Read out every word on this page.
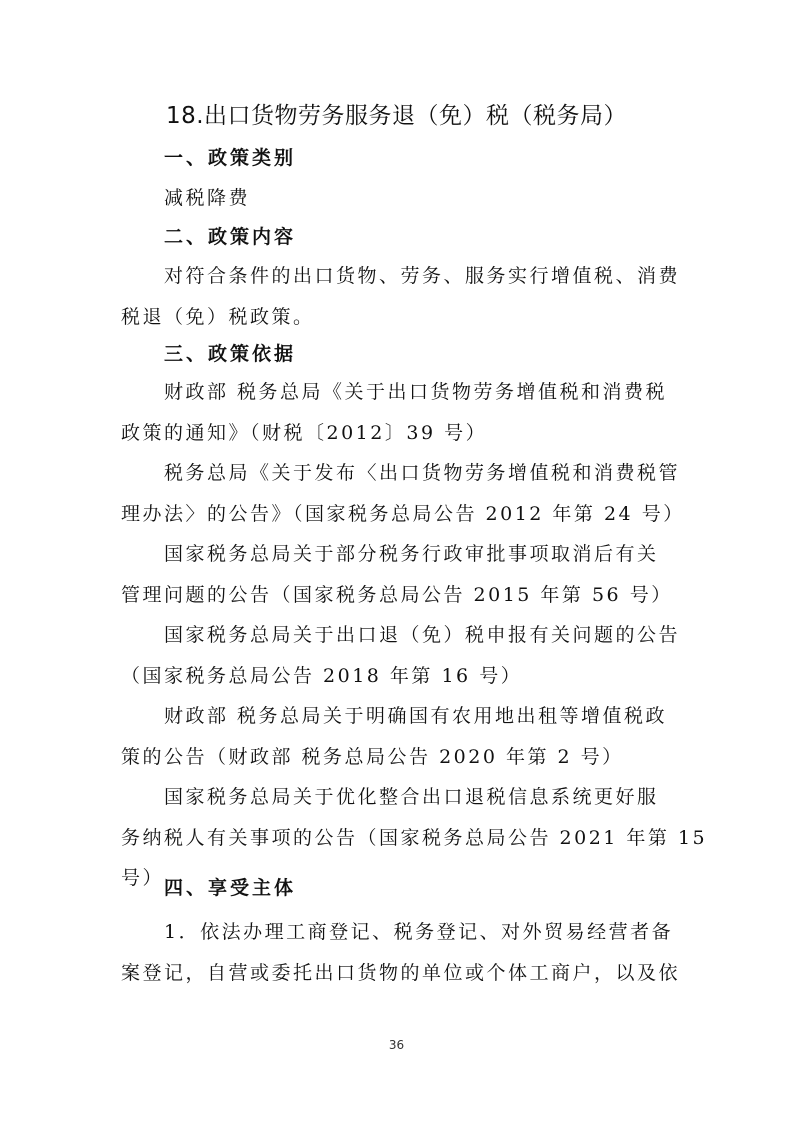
18.出口货物劳务服务退（免）税（税务局）
一、政策类别
减税降费
二、政策内容
对符合条件的出口货物、劳务、服务实行增值税、消费
税退（免）税政策。
三、政策依据
财政部 税务总局《关于出口货物劳务增值税和消费税
政策的通知》（财税〔2012〕39 号）
税务总局《关于发布〈出口货物劳务增值税和消费税管
理办法〉的公告》（国家税务总局公告 2012 年第 24 号）
国家税务总局关于部分税务行政审批事项取消后有关
管理问题的公告（国家税务总局公告 2015 年第 56 号）
国家税务总局关于出口退（免）税申报有关问题的公告
（国家税务总局公告 2018 年第 16 号）
财政部 税务总局关于明确国有农用地出租等增值税政
策的公告（财政部 税务总局公告 2020 年第 2 号）
国家税务总局关于优化整合出口退税信息系统更好服
务纳税人有关事项的公告（国家税务总局公告 2021 年第 15
号） 四、享受主体
1．依法办理工商登记、税务登记、对外贸易经营者备
案登记，自营或委托出口货物的单位或个体工商户，以及依
36
